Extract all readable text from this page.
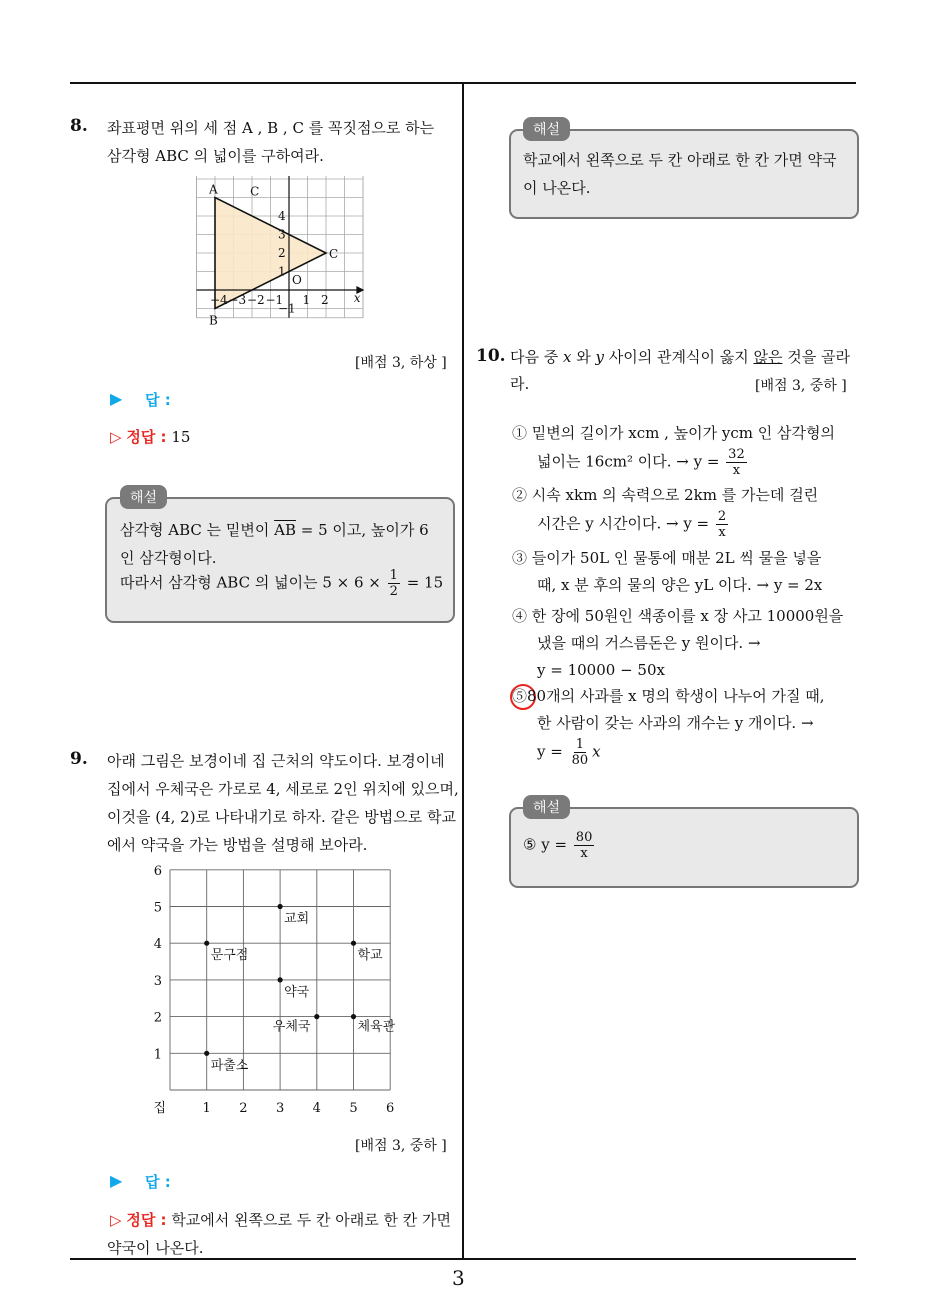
3
8. 좌표평면 위의 세 점 A , B , C 를 꼭짓점으로 하는
삼각형 ABC 의 넓이를 구하여라.
A
B
C
C
x
O
−4 −3 −2 −1 1 2
4
3
2
1
−1
[배점 3, 하상 ]
▶ 답 :
▷ 정답 : 15
해설
삼각형 ABC 는 밑변이 $\overline{AB} = 5$ 이고, 높이가 6
인 삼각형이다.
따라서 삼각형 ABC 의 넓이는 $5 \times 6 \times \frac{1}{2} = 15$
9. 아래 그림은 보경이네 집 근처의 약도이다. 보경이네
집에서 우체국은 가로로 4, 세로로 2인 위치에 있으며,
이것을 (4, 2)로 나타내기로 하자. 같은 방법으로 학교
에서 약국을 가는 방법을 설명해 보아라.
집	1 2 3 4 5 6
1
2
3
4
5
6
교회
문구점	학교
약국
우체국	체육관
파출소
[배점 3, 중하 ]
▶ 답 :
▷ 정답 : 학교에서 왼쪽으로 두 칸 아래로 한 칸 가면
약국이 나온다.
해설
학교에서 왼쪽으로 두 칸 아래로 한 칸 가면 약국
이 나온다.
10. 다음 중 x 와 y 사이의 관계식이 옳지 않은 것을 골라
라.	[배점 3, 중하 ]
① 밑변의 길이가 xcm , 높이가 ycm 인 삼각형의
넓이는 16cm² 이다. → $y = \frac{32}{x}$
② 시속 xkm 의 속력으로 2km 를 가는데 걸린
시간은 y 시간이다. → $y = \frac{2}{x}$
③ 들이가 50L 인 물통에 매분 2L 씩 물을 넣을
때, x 분 후의 물의 양은 yL 이다. → y = 2x
④ 한 장에 50원인 색종이를 x 장 사고 10000원을
냈을 때의 거스름돈은 y 원이다. →
y = 10000 − 50x
⑤80개의 사과를 x 명의 학생이 나누어 가질 때,
한 사람이 갖는 사과의 개수는 y 개이다. →
$y = \frac{1}{80}$ x
해설
⑤ $y = \frac{80}{x}$
